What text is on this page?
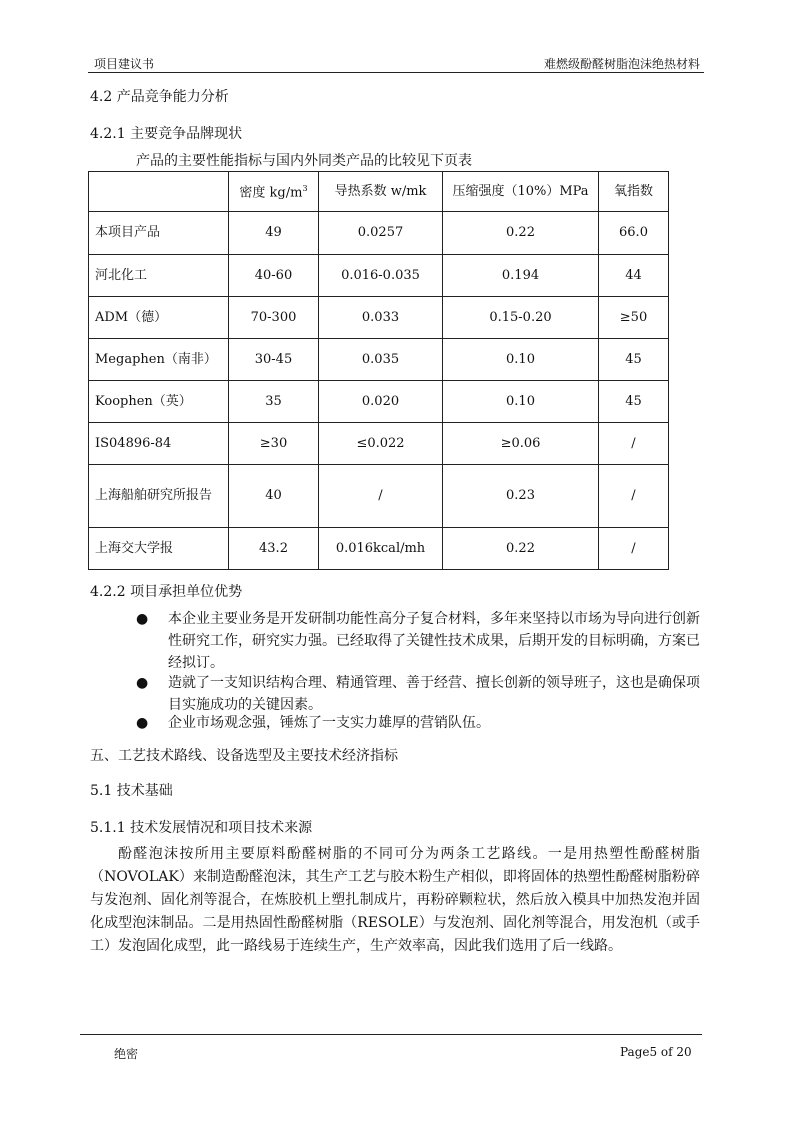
项目建议书	难燃级酚醛树脂泡沫绝热材料
4.2 产品竞争能力分析
4.2.1 主要竞争品牌现状
产品的主要性能指标与国内外同类产品的比较见下页表
	密度 $kg/m^3$	导热系数 w/mk	压缩强度（10%）MPa	氧指数
本项目产品	49	0.0257	0.22	66.0
河北化工	40-60	0.016-0.035	0.194	44
ADM（德）	70-300	0.033	0.15-0.20	≥50
Megaphen（南非）	30-45	0.035	0.10	45
Koophen（英）	35	0.020	0.10	45
IS04896-84	≥30	≤0.022	≥0.06	/
上海船舶研究所报告	40	/	0.23	/
上海交大学报	43.2	0.016kcal/mh	0.22	/
4.2.2 项目承担单位优势
● 本企业主要业务是开发研制功能性高分子复合材料，多年来坚持以市场为导向进行创新性研究工作，研究实力强。已经取得了关键性技术成果，后期开发的目标明确，方案已经拟订。
● 造就了一支知识结构合理、精通管理、善于经营、擅长创新的领导班子，这也是确保项目实施成功的关键因素。
● 企业市场观念强，锤炼了一支实力雄厚的营销队伍。
五、工艺技术路线、设备选型及主要技术经济指标
5.1 技术基础
5.1.1 技术发展情况和项目技术来源
酚醛泡沫按所用主要原料酚醛树脂的不同可分为两条工艺路线。一是用热塑性酚醛树脂（NOVOLAK）来制造酚醛泡沫，其生产工艺与胶木粉生产相似，即将固体的热塑性酚醛树脂粉碎与发泡剂、固化剂等混合，在炼胶机上塑扎制成片，再粉碎颗粒状，然后放入模具中加热发泡并固化成型泡沫制品。二是用热固性酚醛树脂（RESOLE）与发泡剂、固化剂等混合，用发泡机（或手工）发泡固化成型，此一路线易于连续生产，生产效率高，因此我们选用了后一线路。
绝密	Page5 of 20
